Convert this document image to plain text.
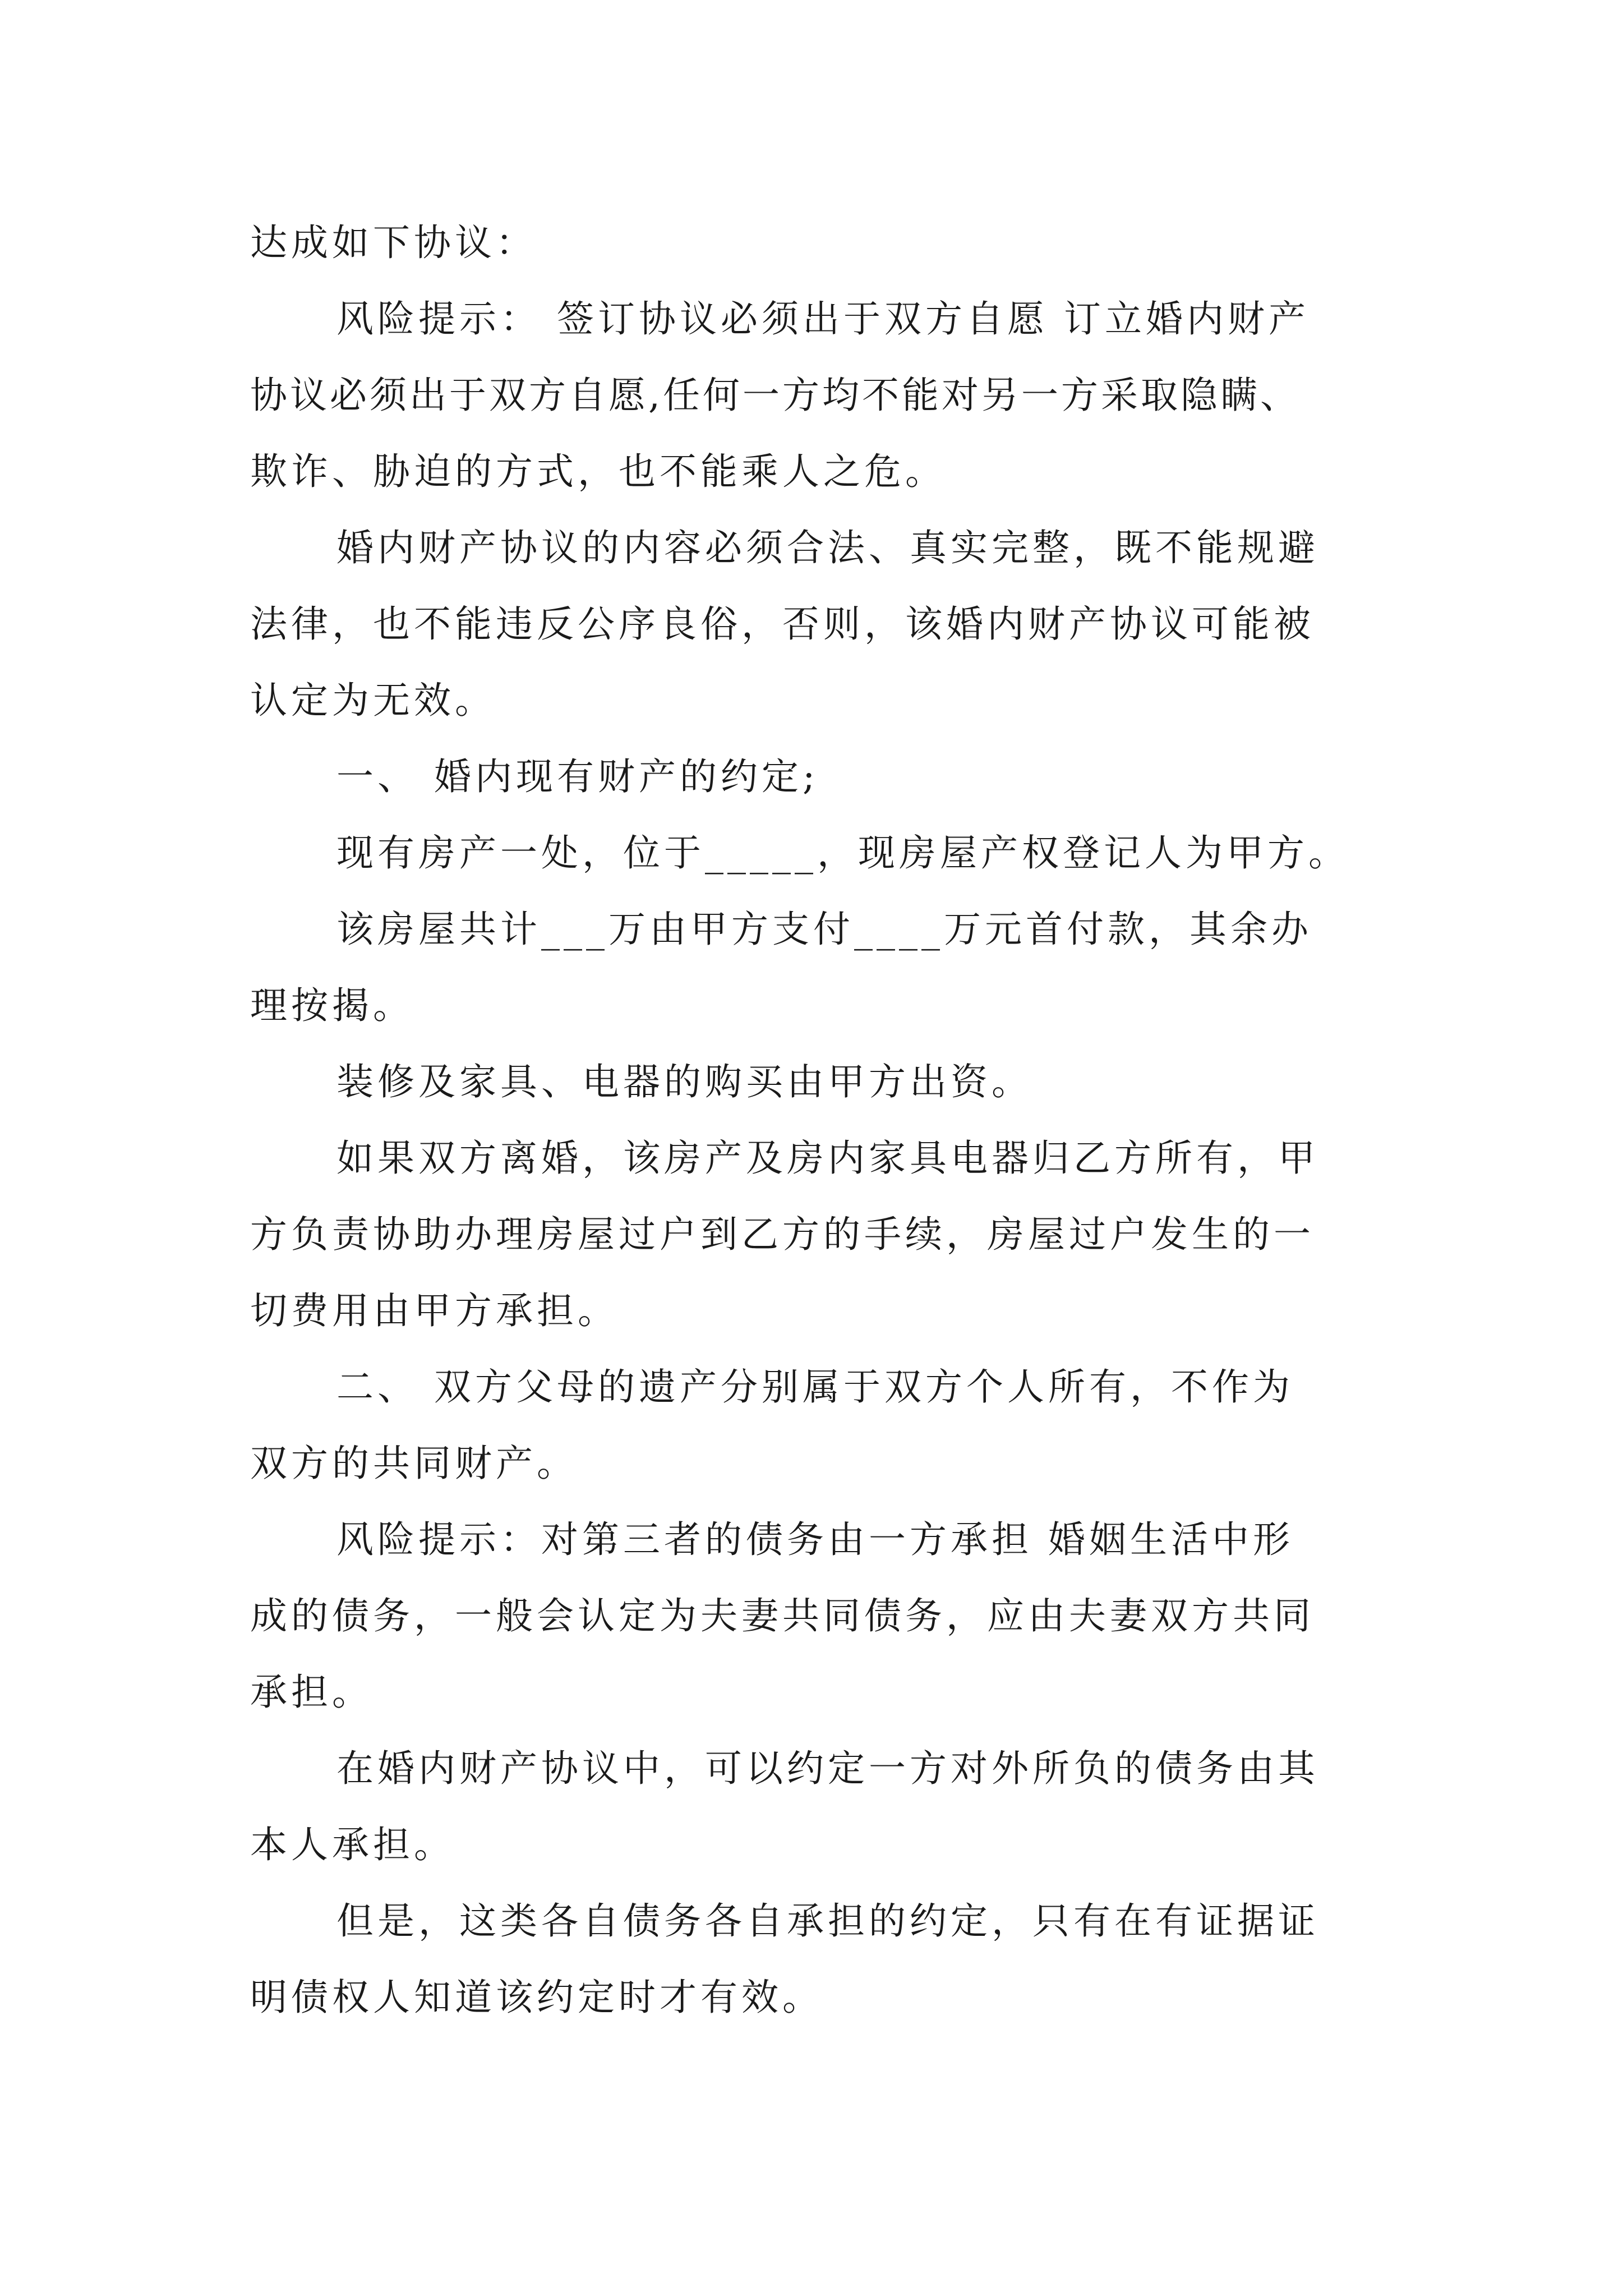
达成如下协议：
风险提示： 签订协议必须出于双方自愿 订立婚内财产
协议必须出于双方自愿,任何一方均不能对另一方采取隐瞒、
欺诈、胁迫的方式，也不能乘人之危。
婚内财产协议的内容必须合法、真实完整，既不能规避
法律，也不能违反公序良俗，否则，该婚内财产协议可能被
认定为无效。
一、 婚内现有财产的约定;
现有房产一处，位于_____，现房屋产权登记人为甲方。
该房屋共计___万由甲方支付____万元首付款，其余办
理按揭。
装修及家具、电器的购买由甲方出资。
如果双方离婚，该房产及房内家具电器归乙方所有，甲
方负责协助办理房屋过户到乙方的手续，房屋过户发生的一
切费用由甲方承担。
二、 双方父母的遗产分别属于双方个人所有，不作为
双方的共同财产。
风险提示：对第三者的债务由一方承担 婚姻生活中形
成的债务，一般会认定为夫妻共同债务，应由夫妻双方共同
承担。
在婚内财产协议中，可以约定一方对外所负的债务由其
本人承担。
但是，这类各自债务各自承担的约定，只有在有证据证
明债权人知道该约定时才有效。
